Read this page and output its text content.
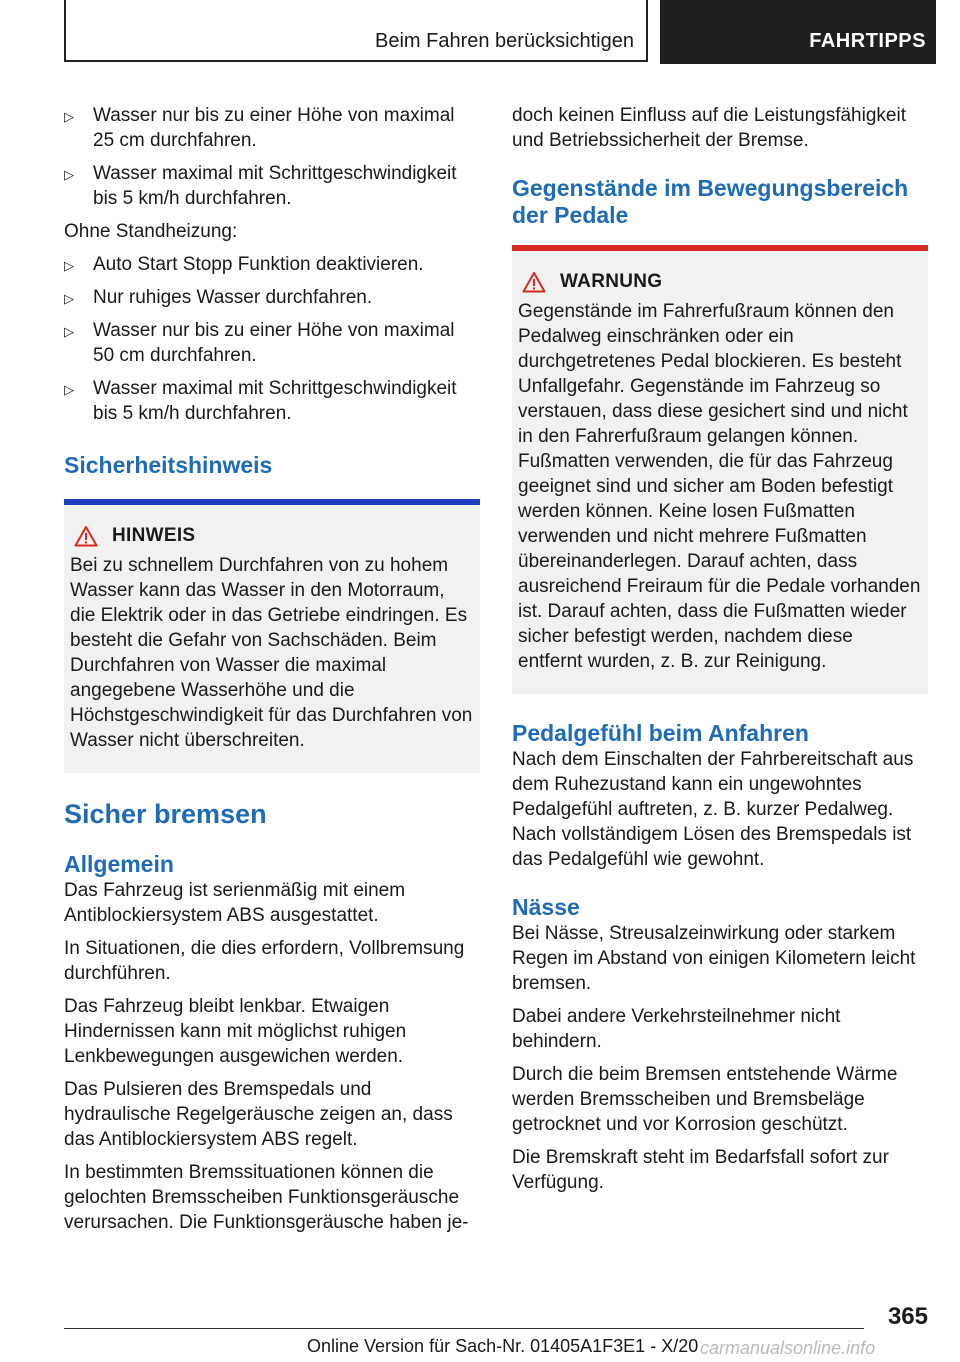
Beim Fahren berücksichtigen	FAHRTIPPS

▷ Wasser nur bis zu einer Höhe von maximal 25 cm durchfahren.

▷ Wasser maximal mit Schrittgeschwindigkeit bis 5 km/h durchfahren.

Ohne Standheizung:

▷ Auto Start Stopp Funktion deaktivieren.

▷ Nur ruhiges Wasser durchfahren.

▷ Wasser nur bis zu einer Höhe von maximal 50 cm durchfahren.

▷ Wasser maximal mit Schrittgeschwindigkeit bis 5 km/h durchfahren.

Sicherheitshinweis
HINWEIS

Bei zu schnellem Durchfahren von zu hohem Wasser kann das Wasser in den Motorraum, die Elektrik oder in das Getriebe eindringen. Es besteht die Gefahr von Sachschäden. Beim Durchfahren von Wasser die maximal angegebene Wasserhöhe und die Höchstgeschwindigkeit für das Durchfahren von Wasser nicht überschreiten.

Sicher bremsen
Allgemein

Das Fahrzeug ist serienmäßig mit einem Antiblockiersystem ABS ausgestattet.

In Situationen, die dies erfordern, Vollbremsung durchführen.

Das Fahrzeug bleibt lenkbar. Etwaigen Hindernissen kann mit möglichst ruhigen Lenkbewegungen ausgewichen werden.

Das Pulsieren des Bremspedals und hydraulische Regelgeräusche zeigen an, dass das Antiblockiersystem ABS regelt.

In bestimmten Bremssituationen können die gelochten Bremsscheiben Funktionsgeräusche verursachen. Die Funktionsgeräusche haben je-

doch keinen Einfluss auf die Leistungsfähigkeit und Betriebssicherheit der Bremse.

Gegenstände im Bewegungsbereich der Pedale
WARNUNG

Gegenstände im Fahrerfußraum können den Pedalweg einschränken oder ein durchgetretenes Pedal blockieren. Es besteht Unfallgefahr. Gegenstände im Fahrzeug so verstauen, dass diese gesichert sind und nicht in den Fahrerfußraum gelangen können. Fußmatten verwenden, die für das Fahrzeug geeignet sind und sicher am Boden befestigt werden können. Keine losen Fußmatten verwenden und nicht mehrere Fußmatten übereinanderlegen. Darauf achten, dass ausreichend Freiraum für die Pedale vorhanden ist. Darauf achten, dass die Fußmatten wieder sicher befestigt werden, nachdem diese entfernt wurden, z. B. zur Reinigung.

Pedalgefühl beim Anfahren

Nach dem Einschalten der Fahrbereitschaft aus dem Ruhezustand kann ein ungewohntes Pedalgefühl auftreten, z. B. kurzer Pedalweg. Nach vollständigem Lösen des Bremspedals ist das Pedalgefühl wie gewohnt.

Nässe

Bei Nässe, Streusalzeinwirkung oder starkem Regen im Abstand von einigen Kilometern leicht bremsen.

Dabei andere Verkehrsteilnehmer nicht behindern.

Durch die beim Bremsen entstehende Wärme werden Bremsscheiben und Bremsbeläge getrocknet und vor Korrosion geschützt.

Die Bremskraft steht im Bedarfsfall sofort zur Verfügung.

365
Online Version für Sach-Nr. 01405A1F3E1 - X/20 carmanualsonline.info
